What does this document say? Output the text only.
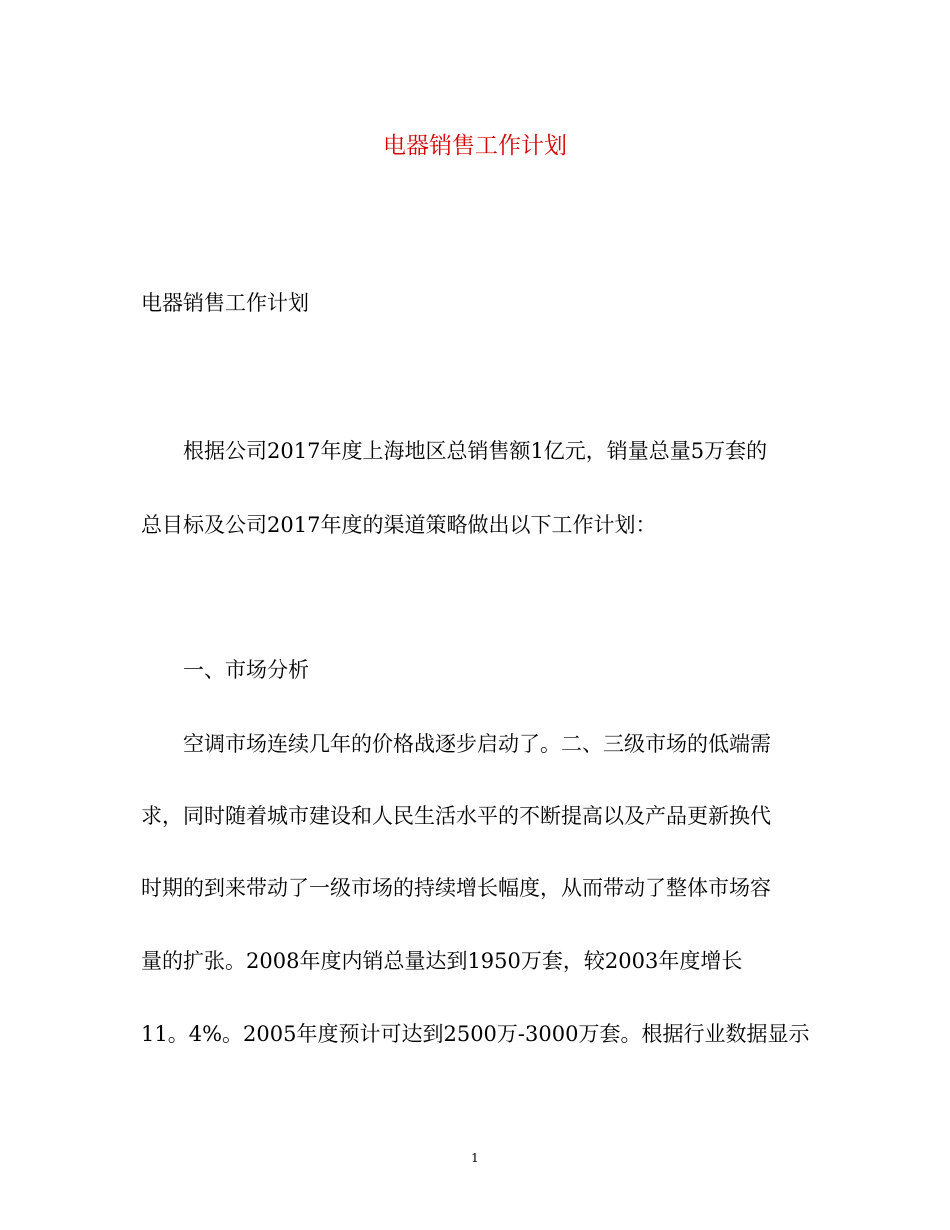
电器销售工作计划

电器销售工作计划

根据公司2017年度上海地区总销售额1亿元，销量总量5万套的

总目标及公司2017年度的渠道策略做出以下工作计划：

一、市场分析

空调市场连续几年的价格战逐步启动了。二、三级市场的低端需

求，同时随着城市建设和人民生活水平的不断提高以及产品更新换代

时期的到来带动了一级市场的持续增长幅度，从而带动了整体市场容

量的扩张。2008年度内销总量达到1950万套，较2003年度增长

11。4%。2005年度预计可达到2500万-3000万套。根据行业数据显示

1
